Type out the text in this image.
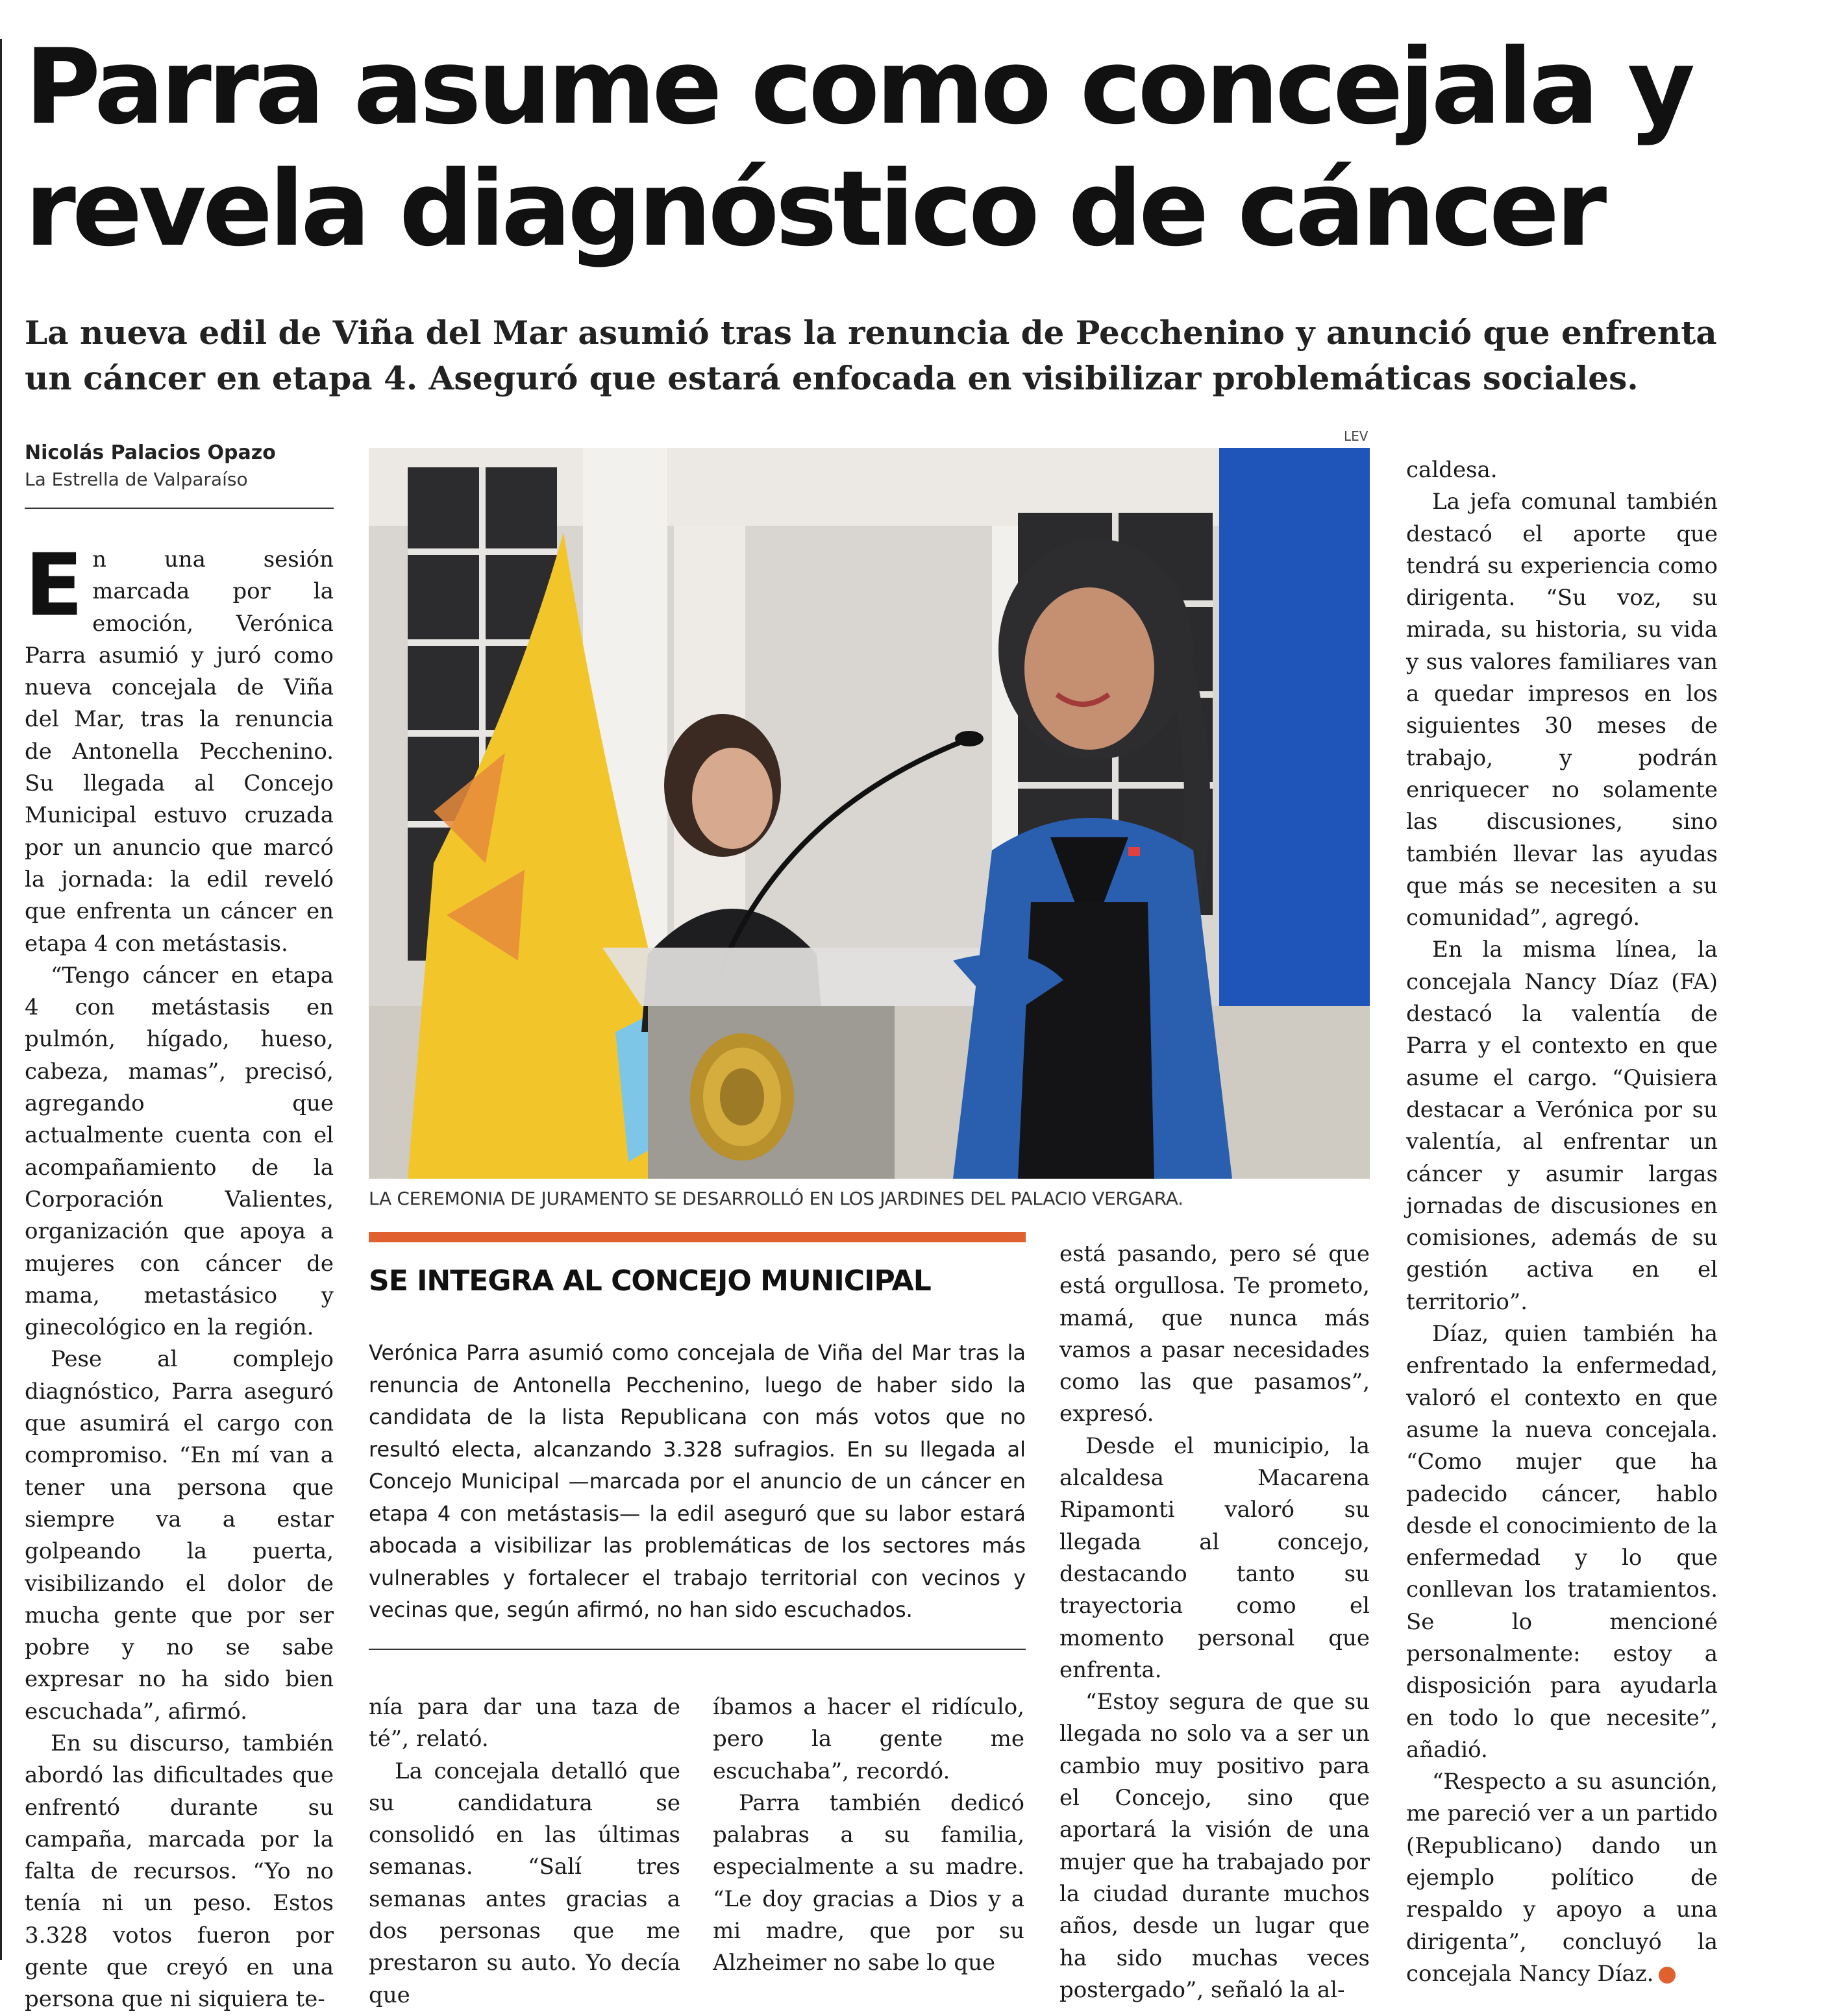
Parra asume como concejala y revela diagnóstico de cáncer
La nueva edil de Viña del Mar asumió tras la renuncia de Pecchenino y anunció que enfrenta un cáncer en etapa 4. Aseguró que estará enfocada en visibilizar problemáticas sociales.
Nicolás Palacios Opazo
La Estrella de Valparaíso

En una sesión marcada por la emoción, Verónica Parra asumió y juró como nueva concejala de Viña del Mar, tras la renuncia de Antonella Pecchenino. Su llegada al Concejo Municipal estuvo cruzada por un anuncio que marcó la jornada: la edil reveló que enfrenta un cáncer en etapa 4 con metástasis.

“Tengo cáncer en etapa 4 con metástasis en pulmón, hígado, hueso, cabeza, mamas”, precisó, agregando que actualmente cuenta con el acompañamiento de la Corporación Valientes, organización que apoya a mujeres con cáncer de mama, metastásico y ginecológico en la región.

Pese al complejo diagnóstico, Parra aseguró que asumirá el cargo con compromiso. “En mí van a tener una persona que siempre va a estar golpeando la puerta, visibilizando el dolor de mucha gente que por ser pobre y no se sabe expresar no ha sido bien escuchada”, afirmó.

En su discurso, también abordó las dificultades que enfrentó durante su campaña, marcada por la falta de recursos. “Yo no tenía ni un peso. Estos 3.328 votos fueron por gente que creyó en una persona que ni siquiera te-

LEV
LA CEREMONIA DE JURAMENTO SE DESARROLLÓ EN LOS JARDINES DEL PALACIO VERGARA.
SE INTEGRA AL CONCEJO MUNICIPAL
Verónica Parra asumió como concejala de Viña del Mar tras la renuncia de Antonella Pecchenino, luego de haber sido la candidata de la lista Republicana con más votos que no resultó electa, alcanzando 3.328 sufragios. En su llegada al Concejo Municipal —marcada por el anuncio de un cáncer en etapa 4 con metástasis— la edil aseguró que su labor estará abocada a visibilizar las problemáticas de los sectores más vulnerables y fortalecer el trabajo territorial con vecinos y vecinas que, según afirmó, no han sido escuchados.

nía para dar una taza de té”, relató.

La concejala detalló que su candidatura se consolidó en las últimas semanas. “Salí tres semanas antes gracias a dos personas que me prestaron su auto. Yo decía que

íbamos a hacer el ridículo, pero la gente me escuchaba”, recordó.

Parra también dedicó palabras a su familia, especialmente a su madre. “Le doy gracias a Dios y a mi madre, que por su Alzheimer no sabe lo que

está pasando, pero sé que está orgullosa. Te prometo, mamá, que nunca más vamos a pasar necesidades como las que pasamos”, expresó.

Desde el municipio, la alcaldesa Macarena Ripamonti valoró su llegada al concejo, destacando tanto su trayectoria como el momento personal que enfrenta.

“Estoy segura de que su llegada no solo va a ser un cambio muy positivo para el Concejo, sino que aportará la visión de una mujer que ha trabajado por la ciudad durante muchos años, desde un lugar que ha sido muchas veces postergado”, señaló la al-

caldesa.

La jefa comunal también destacó el aporte que tendrá su experiencia como dirigenta. “Su voz, su mirada, su historia, su vida y sus valores familiares van a quedar impresos en los siguientes 30 meses de trabajo, y podrán enriquecer no solamente las discusiones, sino también llevar las ayudas que más se necesiten a su comunidad”, agregó.

En la misma línea, la concejala Nancy Díaz (FA) destacó la valentía de Parra y el contexto en que asume el cargo. “Quisiera destacar a Verónica por su valentía, al enfrentar un cáncer y asumir largas jornadas de discusiones en comisiones, además de su gestión activa en el territorio”.

Díaz, quien también ha enfrentado la enfermedad, valoró el contexto en que asume la nueva concejala. “Como mujer que ha padecido cáncer, hablo desde el conocimiento de la enfermedad y lo que conllevan los tratamientos. Se lo mencioné personalmente: estoy a disposición para ayudarla en todo lo que necesite”, añadió.

“Respecto a su asunción, me pareció ver a un partido (Republicano) dando un ejemplo político de respaldo y apoyo a una dirigenta”, concluyó la concejala Nancy Díaz. ✪
